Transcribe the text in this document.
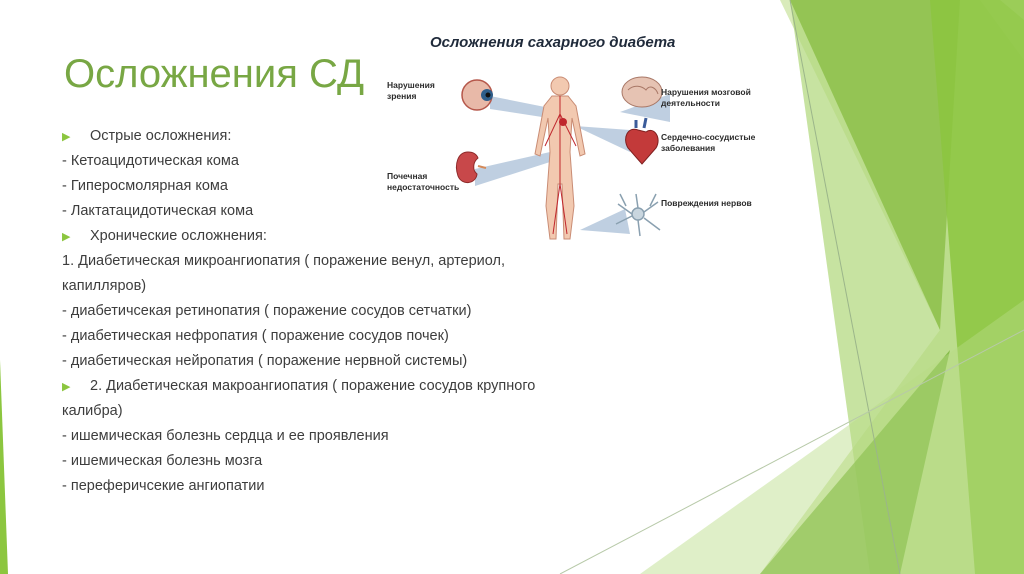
Осложнения СД
Осложнения сахарного диабета
Нарушения зрения
Почечная недостаточность
Нарушения мозговой деятельности
Сердечно-сосудистые заболевания
Повреждения нервов
▶ Острые осложнения:
- Кетоацидотическая кома
- Гиперосмолярная кома
- Лактатацидотическая кома
▶ Хронические осложнения:
1. Диабетическая микроангиопатия ( поражение венул, артериол,
капилляров)
- диабетичсекая ретинопатия ( поражение сосудов сетчатки)
- диабетическая нефропатия ( поражение сосудов почек)
- диабетическая нейропатия ( поражение нервной системы)
▶ 2. Диабетическая макроангиопатия ( поражение сосудов крупного
калибра)
- ишемическая болезнь сердца и ее проявления
- ишемическая болезнь мозга
- переферичсекие ангиопатии
